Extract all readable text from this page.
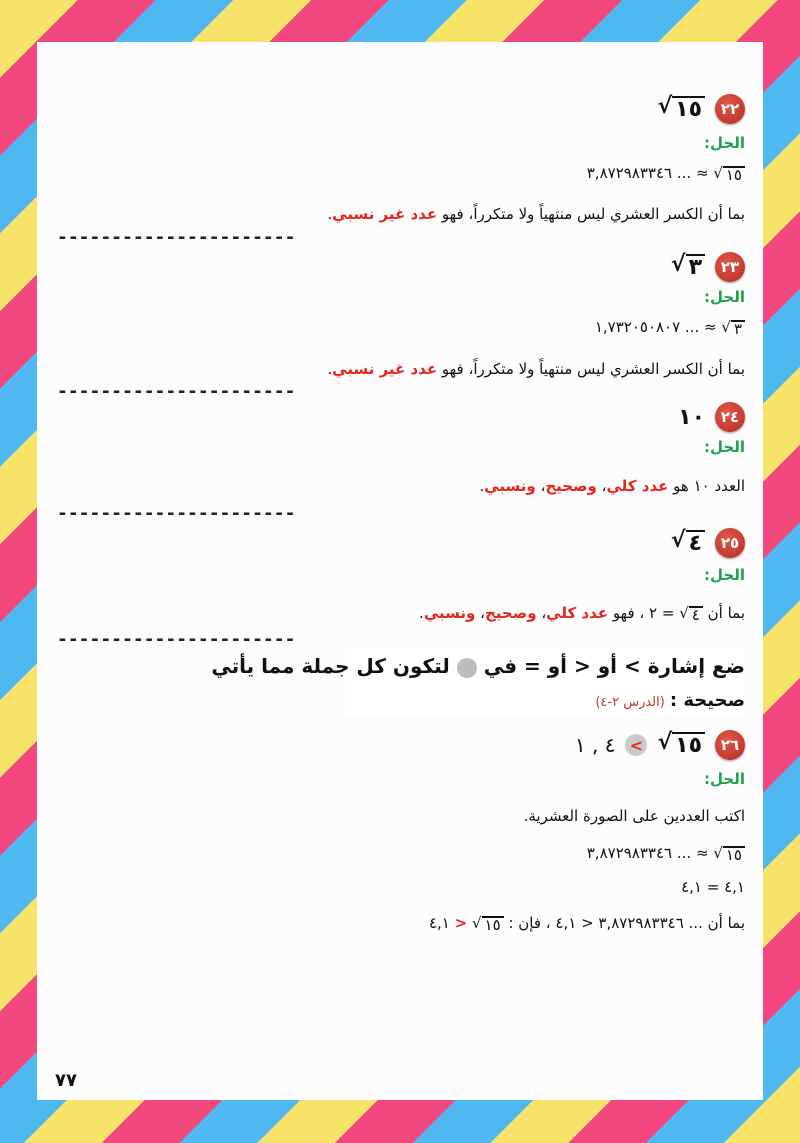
٢٢
√ ١٥
الحل:
√ ١٥
≈ ٣,٨٧٢٩٨٣٣٤٦ ...
بما أن الكسر العشري ليس منتهياً ولا متكرراً، فهو عدد غير نسبي.
----------------------
٢٣
√ ٣
الحل:
√ ٣
≈ ١,٧٣٢٠٥٠٨٠٧ ...
بما أن الكسر العشري ليس منتهياً ولا متكرراً، فهو عدد غير نسبي.
----------------------
٢٤
١٠
الحل:
العدد ١٠ هو عدد كلي، وصحيح، ونسبي.
----------------------
٢٥
√ ٤
الحل:
بما أن
√ ٤
= ٢ ، فهو عدد كلي، وصحيح، ونسبي.
----------------------
ضع إشارة > أو < أو = في  لتكون كل جملة مما يأتي
صحيحة : (الدرس ٢-٤)
٢٦
√ ١٥
>
٤ , ١
الحل:
اكتب العددين على الصورة العشرية.
√ ١٥
≈ ٣,٨٧٢٩٨٣٣٤٦ ...
٤,١ = ٤,١
بما أن ... ٣,٨٧٢٩٨٣٣٤٦ < ٤,١ ، فإن :
√ ١٥
< ٤,١
٧٧
